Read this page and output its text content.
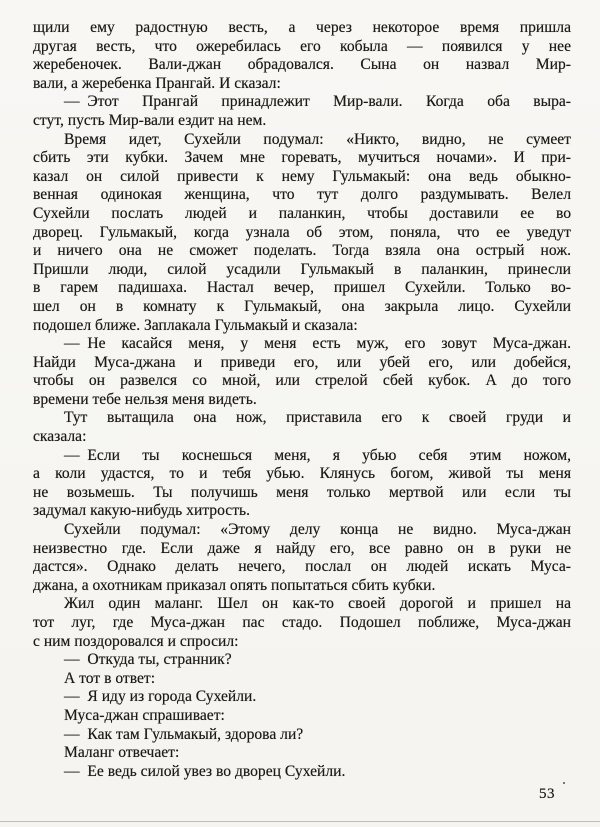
щили ему радостную весть, а через некоторое время пришла
другая весть, что ожеребилась его кобыла — появился у нее
жеребеночек. Вали-джан обрадовался. Сына он назвал Мир-
вали, а жеребенка Прангай. И сказал:
— Этот Прангай принадлежит Мир-вали. Когда оба выра-
стут, пусть Мир-вали ездит на нем.
Время идет, Сухейли подумал: «Никто, видно, не сумеет
сбить эти кубки. Зачем мне горевать, мучиться ночами». И при-
казал он силой привести к нему Гульмакый: она ведь обыкно-
венная одинокая женщина, что тут долго раздумывать. Велел
Сухейли послать людей и паланкин, чтобы доставили ее во
дворец. Гульмакый, когда узнала об этом, поняла, что ее уведут
и ничего она не сможет поделать. Тогда взяла она острый нож.
Пришли люди, силой усадили Гульмакый в паланкин, принесли
в гарем падишаха. Настал вечер, пришел Сухейли. Только во-
шел он в комнату к Гульмакый, она закрыла лицо. Сухейли
подошел ближе. Заплакала Гульмакый и сказала:
— Не касайся меня, у меня есть муж, его зовут Муса-джан.
Найди Муса-джана и приведи его, или убей его, или добейся,
чтобы он развелся со мной, или стрелой сбей кубок. А до того
времени тебе нельзя меня видеть.
Тут вытащила она нож, приставила его к своей груди и
сказала:
— Если ты коснешься меня, я убью себя этим ножом,
а коли удастся, то и тебя убью. Клянусь богом, живой ты меня
не возьмешь. Ты получишь меня только мертвой или если ты
задумал какую-нибудь хитрость.
Сухейли подумал: «Этому делу конца не видно. Муса-джан
неизвестно где. Если даже я найду его, все равно он в руки не
дастся». Однако делать нечего, послал он людей искать Муса-
джана, а охотникам приказал опять попытаться сбить кубки.
Жил один маланг. Шел он как-то своей дорогой и пришел на
тот луг, где Муса-джан пас стадо. Подошел поближе, Муса-джан
с ним поздоровался и спросил:
— Откуда ты, странник?
А тот в ответ:
— Я иду из города Сухейли.
Муса-джан спрашивает:
— Как там Гульмакый, здорова ли?
Маланг отвечает:
— Ее ведь силой увез во дворец Сухейли.
53
